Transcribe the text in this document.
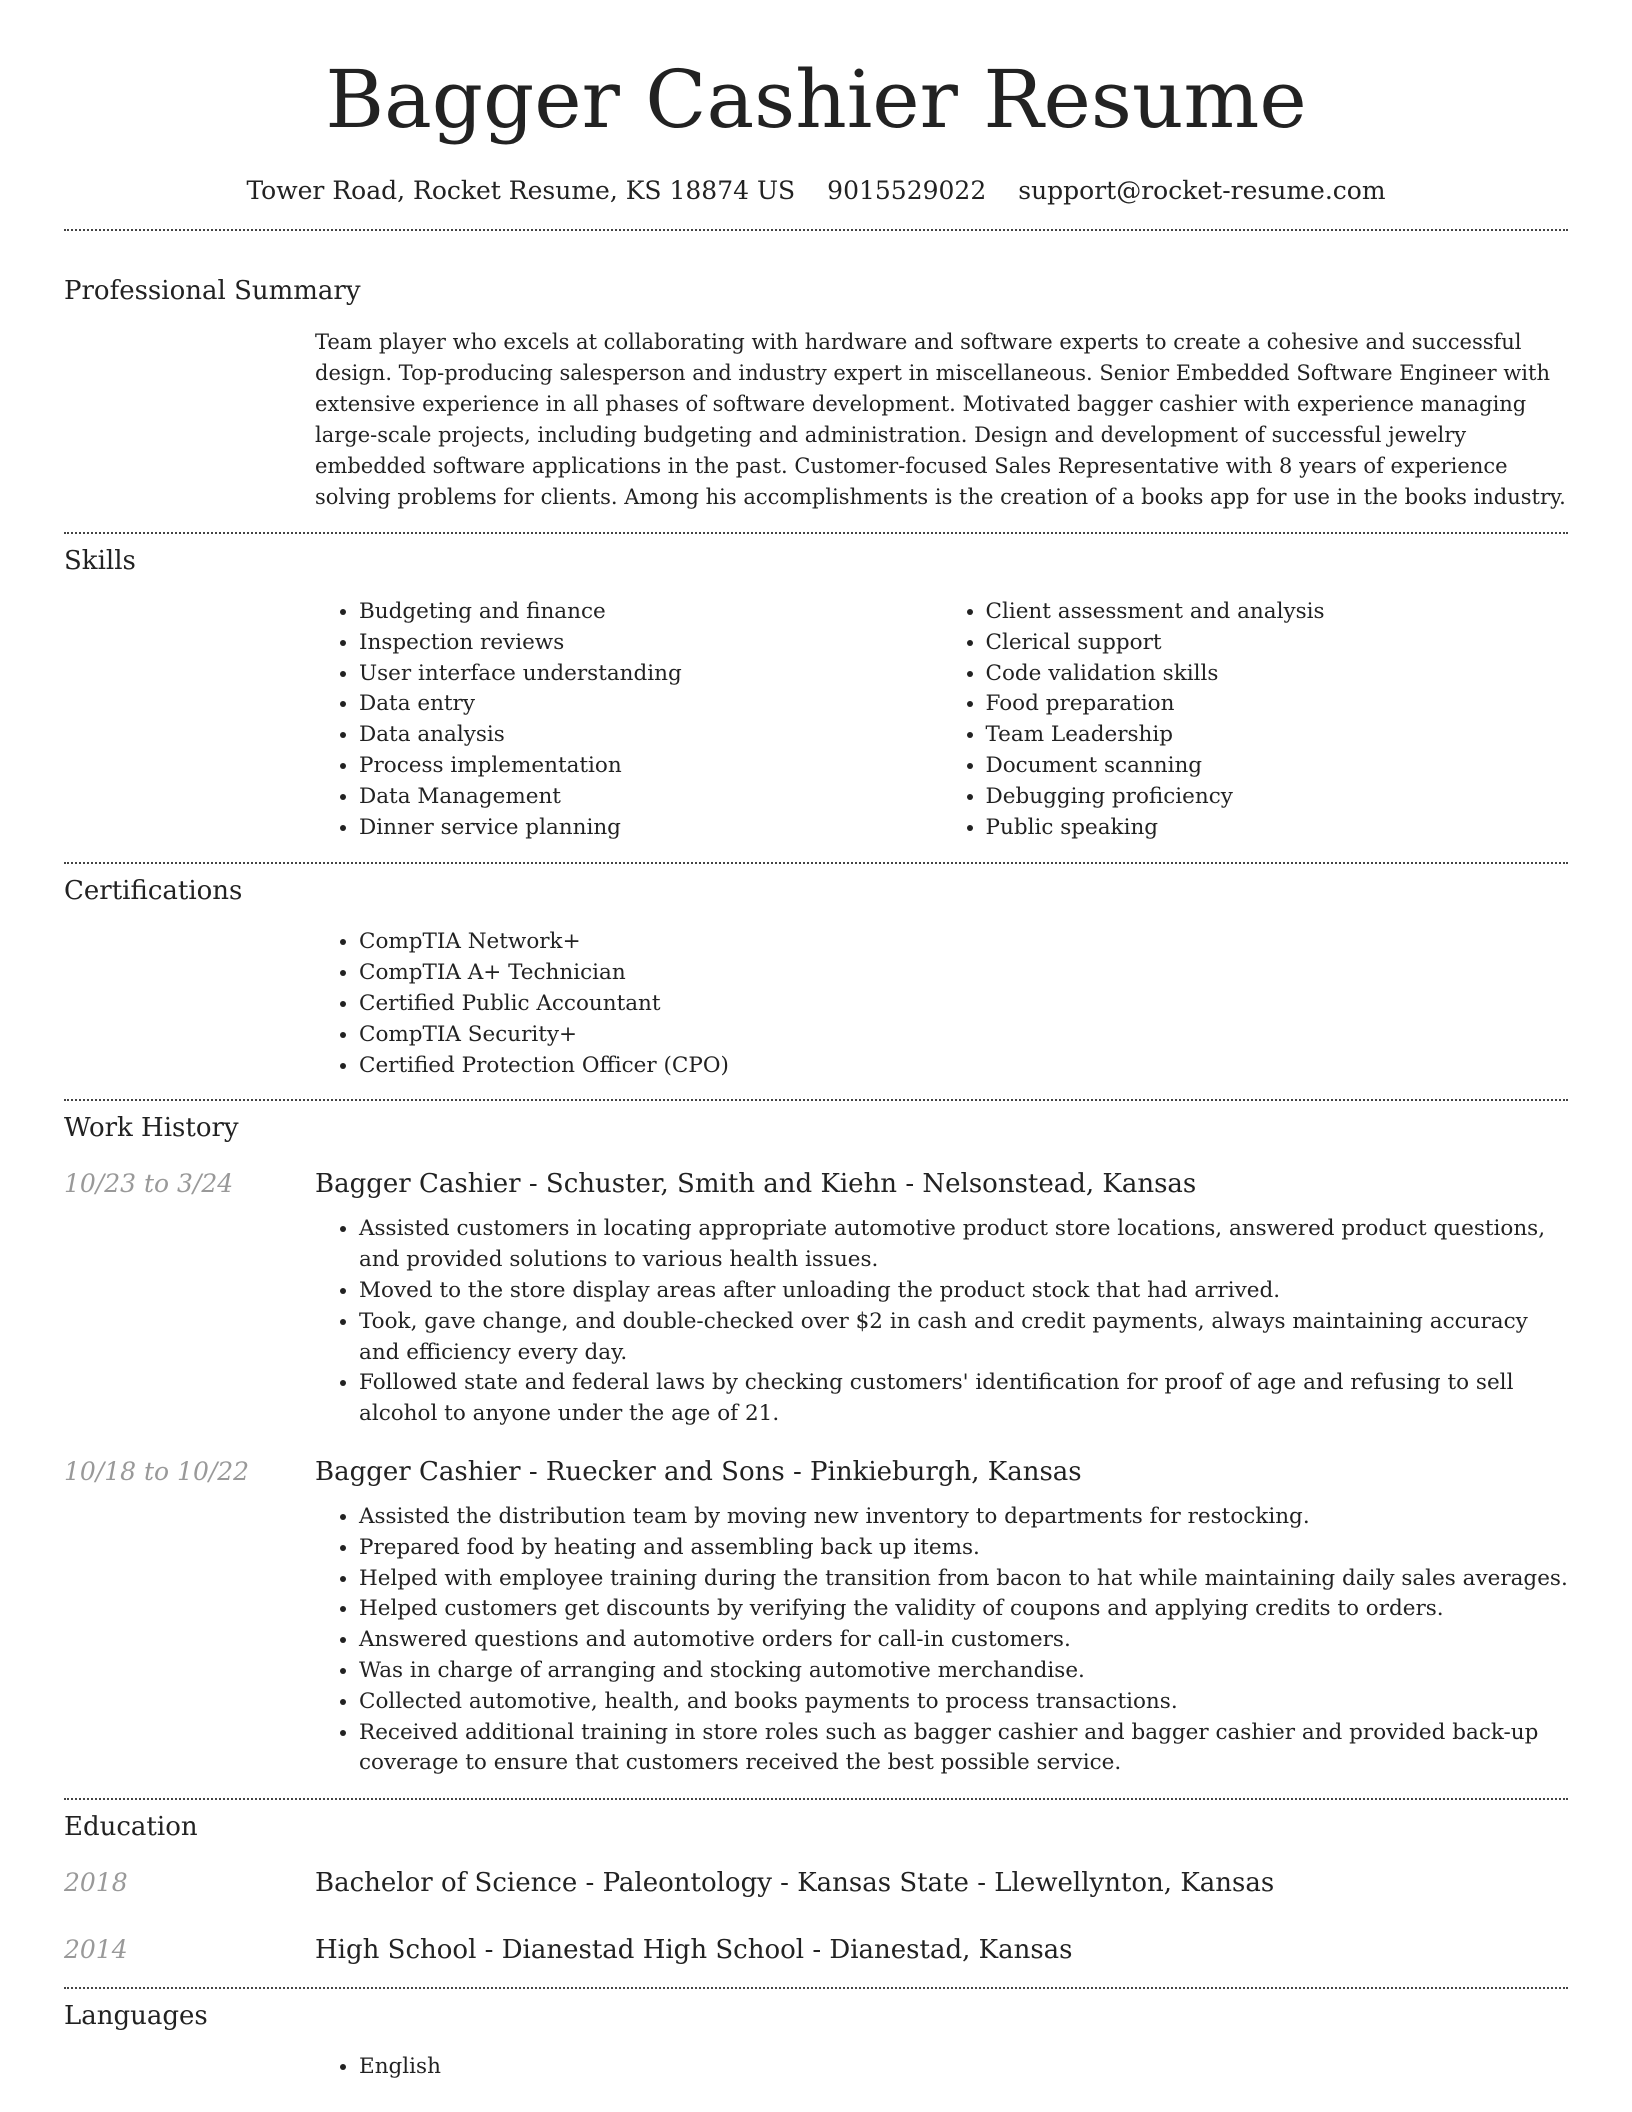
Bagger Cashier Resume
Tower Road, Rocket Resume, KS 18874 US 9015529022 support@rocket-resume.com
Professional Summary

Team player who excels at collaborating with hardware and software experts to create a cohesive and successful design. Top-producing salesperson and industry expert in miscellaneous. Senior Embedded Software Engineer with extensive experience in all phases of software development. Motivated bagger cashier with experience managing large-scale projects, including budgeting and administration. Design and development of successful jewelry embedded software applications in the past. Customer-focused Sales Representative with 8 years of experience solving problems for clients. Among his accomplishments is the creation of a books app for use in the books industry.

Skills
• Budgeting and finance
• Inspection reviews
• User interface understanding
• Data entry
• Data analysis
• Process implementation
• Data Management
• Dinner service planning
• Client assessment and analysis
• Clerical support
• Code validation skills
• Food preparation
• Team Leadership
• Document scanning
• Debugging proficiency
• Public speaking
Certifications
• CompTIA Network+
• CompTIA A+ Technician
• Certified Public Accountant
• CompTIA Security+
• Certified Protection Officer (CPO)
Work History
10/23 to 3/24	Bagger Cashier - Schuster, Smith and Kiehn - Nelsonstead, Kansas
• Assisted customers in locating appropriate automotive product store locations, answered product questions, and provided solutions to various health issues.
• Moved to the store display areas after unloading the product stock that had arrived.
• Took, gave change, and double-checked over $2 in cash and credit payments, always maintaining accuracy and efficiency every day.
• Followed state and federal laws by checking customers' identification for proof of age and refusing to sell alcohol to anyone under the age of 21.
10/18 to 10/22	Bagger Cashier - Ruecker and Sons - Pinkieburgh, Kansas
• Assisted the distribution team by moving new inventory to departments for restocking.
• Prepared food by heating and assembling back up items.
• Helped with employee training during the transition from bacon to hat while maintaining daily sales averages.
• Helped customers get discounts by verifying the validity of coupons and applying credits to orders.
• Answered questions and automotive orders for call-in customers.
• Was in charge of arranging and stocking automotive merchandise.
• Collected automotive, health, and books payments to process transactions.
• Received additional training in store roles such as bagger cashier and bagger cashier and provided back-up coverage to ensure that customers received the best possible service.
Education
2018	Bachelor of Science - Paleontology - Kansas State - Llewellynton, Kansas
2014	High School - Dianestad High School - Dianestad, Kansas
Languages
• English
